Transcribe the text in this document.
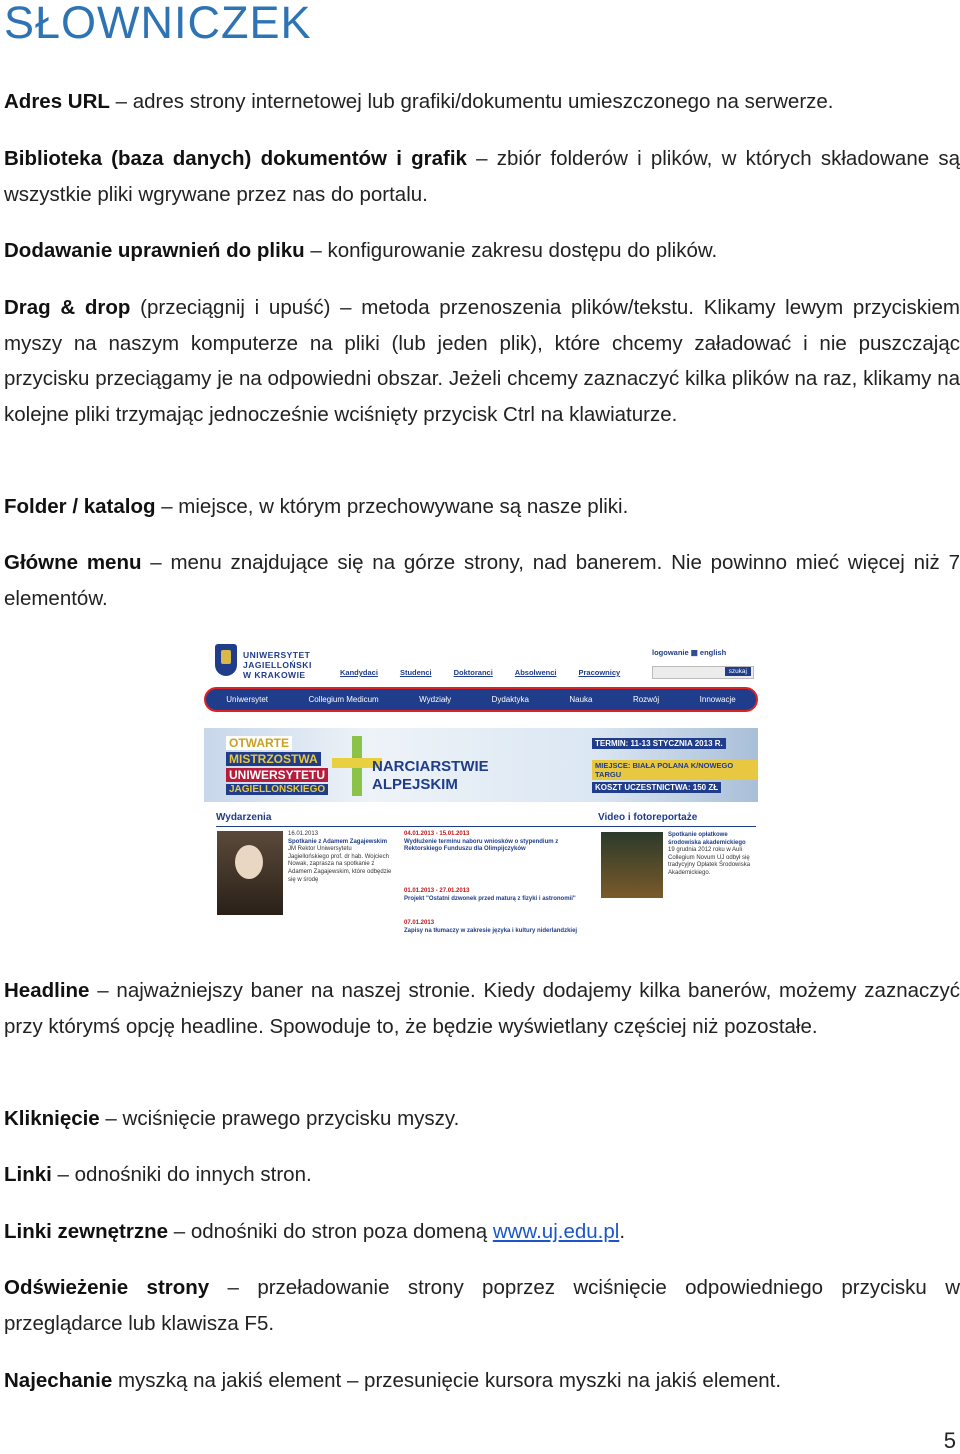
SŁOWNICZEK

Adres URL – adres strony internetowej lub grafiki/dokumentu umieszczonego na serwerze.

Biblioteka (baza danych) dokumentów i grafik – zbiór folderów i plików, w których składowane są wszystkie pliki wgrywane przez nas do portalu.

Dodawanie uprawnień do pliku – konfigurowanie zakresu dostępu do plików.

Drag & drop (przeciągnij i upuść) – metoda przenoszenia plików/tekstu. Klikamy lewym przyciskiem myszy na naszym komputerze na pliki (lub jeden plik), które chcemy załadować i nie puszczając przycisku przeciągamy je na odpowiedni obszar. Jeżeli chcemy zaznaczyć kilka plików na raz, klikamy na kolejne pliki trzymając jednocześnie wciśnięty przycisk Ctrl na klawiaturze.

Folder / katalog – miejsce, w którym przechowywane są nasze pliki.

Główne menu – menu znajdujące się na górze strony, nad banerem. Nie powinno mieć więcej niż 7 elementów.

UNIWERSYTET
JAGIELLOŃSKI
W KRAKOWIE	Kandydaci	Studenci	Doktoranci	Absolwenci	Pracownicy
logowanie ▦ english
szukaj
Uniwersytet	Collegium Medicum	Wydziały	Dydaktyka	Nauka	Rozwój	Innowacje
OTWARTE
MISTRZOSTWA
UNIWERSYTETU
JAGIELLOŃSKIEGO
NARCIARSTWIE
ALPEJSKIM
TERMIN: 11-13 STYCZNIA 2013 R.
MIEJSCE: BIAŁA POLANA K/NOWEGO TARGU
KOSZT UCZESTNICTWA: 150 ZŁ
Wydarzenia	Video i fotoreportaże
16.01.2013
Spotkanie z Adamem Zagajewskim
JM Rektor Uniwersytetu Jagiellońskiego prof. dr hab. Wojciech Nowak, zaprasza na spotkanie z Adamem Zagajewskim, które odbędzie się w środę
04.01.2013 - 15.01.2013
Wydłużenie terminu naboru wniosków o stypendium z Rektorskiego Funduszu dla Olimpijczyków
01.01.2013 - 27.01.2013
Projekt "Ostatni dzwonek przed maturą z fizyki i astronomii"
07.01.2013
Zapisy na tłumaczy w zakresie języka i kultury niderlandzkiej
Spotkanie opłatkowe środowiska akademickiego
19 grudnia 2012 roku w Auli Collegium Novum UJ odbył się tradycyjny Opłatek Środowiska Akademickiego.

Headline – najważniejszy baner na naszej stronie. Kiedy dodajemy kilka banerów, możemy zaznaczyć przy którymś opcję headline. Spowoduje to, że będzie wyświetlany częściej niż pozostałe.

Kliknięcie – wciśnięcie prawego przycisku myszy.

Linki – odnośniki do innych stron.

Linki zewnętrzne – odnośniki do stron poza domeną www.uj.edu.pl.

Odświeżenie strony – przeładowanie strony poprzez wciśnięcie odpowiedniego przycisku w przeglądarce lub klawisza F5.

Najechanie myszką na jakiś element – przesunięcie kursora myszki na jakiś element.

5
